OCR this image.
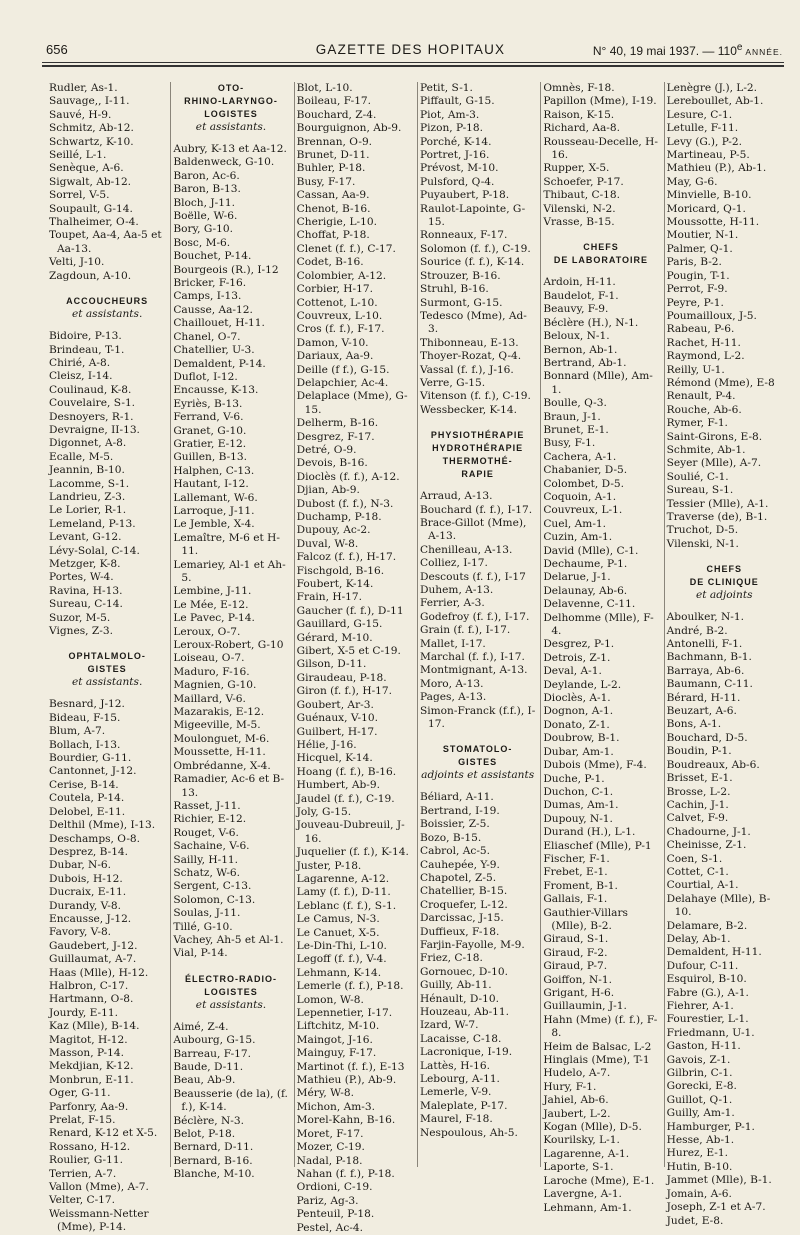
656	GAZETTE DES HOPITAUX	N° 40, 19 mai 1937. — 110e ANNÉE.
Rudler, As-1.
Sauvage,, I-11.
Sauvé, H-9.
Schmitz, Ab-12.
Schwartz, K-10.
Seillé, L-1.
Senèque, A-6.
Sigwalt, Ab-12.
Sorrel, V-5.
Soupault, G-14.
Thalheimer, O-4.
Toupet, Aa-4, Aa-5 et Aa-13.
Velti, J-10.
Zagdoun, A-10.
ACCOUCHEURS
et assistants.
Bidoire, P-13.
Brindeau, T-1.
Chirié, A-8.
Cleisz, I-14.
Coulinaud, K-8.
Couvelaire, S-1.
Desnoyers, R-1.
Devraigne, II-13.
Digonnet, A-8.
Ecalle, M-5.
Jeannin, B-10.
Lacomme, S-1.
Landrieu, Z-3.
Le Lorier, R-1.
Lemeland, P-13.
Levant, G-12.
Lévy-Solal, C-14.
Metzger, K-8.
Portes, W-4.
Ravina, H-13.
Sureau, C-14.
Suzor, M-5.
Vignes, Z-3.
OPHTALMOLO-
GISTES
et assistants.
Besnard, J-12.
Bideau, F-15.
Blum, A-7.
Bollach, I-13.
Bourdier, G-11.
Cantonnet, J-12.
Cerise, B-14.
Coutela, P-14.
Delobel, E-11.
Delthil (Mme), I-13.
Deschamps, O-8.
Desprez, B-14.
Dubar, N-6.
Dubois, H-12.
Ducraix, E-11.
Durandy, V-8.
Encausse, J-12.
Favory, V-8.
Gaudebert, J-12.
Guillaumat, A-7.
Haas (Mlle), H-12.
Halbron, C-17.
Hartmann, O-8.
Jourdy, E-11.
Kaz (Mlle), B-14.
Magitot, H-12.
Masson, P-14.
Mekdjian, K-12.
Monbrun, E-11.
Oger, G-11.
Parfonry, Aa-9.
Prelat, F-15.
Renard, K-12 et X-5.
Rossano, H-12.
Roulier, G-11.
Terrien, A-7.
Vallon (Mme), A-7.
Velter, C-17.
Weissmann-Netter (Mme), P-14.
OTO-
RHINO-LARYNGO-
LOGISTES
et assistants.
Aubry, K-13 et Aa-12.
Baldenweck, G-10.
Baron, Ac-6.
Baron, B-13.
Bloch, J-11.
Boëlle, W-6.
Bory, G-10.
Bosc, M-6.
Bouchet, P-14.
Bourgeois (R.), I-12
Bricker, F-16.
Camps, I-13.
Causse, Aa-12.
Chaillouet, H-11.
Chanel, O-7.
Chatellier, U-3.
Demaldent, P-14.
Duflot, I-12.
Encausse, K-13.
Eyriès, B-13.
Ferrand, V-6.
Granet, G-10.
Gratier, E-12.
Guillen, B-13.
Halphen, C-13.
Hautant, I-12.
Lallemant, W-6.
Larroque, J-11.
Le Jemble, X-4.
Lemaître, M-6 et H-11.
Lemariey, Al-1 et Ah-5.
Lembine, J-11.
Le Mée, E-12.
Le Pavec, P-14.
Leroux, O-7.
Leroux-Robert, G-10
Loiseau, O-7.
Maduro, F-16.
Magnien, G-10.
Maillard, V-6.
Mazarakis, E-12.
Migeeville, M-5.
Moulonguet, M-6.
Moussette, H-11.
Ombrédanne, X-4.
Ramadier, Ac-6 et B-13.
Rasset, J-11.
Richier, E-12.
Rouget, V-6.
Sachaine, V-6.
Sailly, H-11.
Schatz, W-6.
Sergent, C-13.
Solomon, C-13.
Soulas, J-11.
Tillé, G-10.
Vachey, Ah-5 et Al-1.
Vial, P-14.
ÉLECTRO-RADIO-
LOGISTES
et assistants.
Aimé, Z-4.
Aubourg, G-15.
Barreau, F-17.
Baude, D-11.
Beau, Ab-9.
Beausserie (de la), (f. f.), K-14.
Béclère, N-3.
Belot, P-18.
Bernard, D-11.
Bernard, B-16.
Blanche, M-10.
Blot, L-10.
Boileau, F-17.
Bouchard, Z-4.
Bourguignon, Ab-9.
Brennan, O-9.
Brunet, D-11.
Buhler, P-18.
Busy, F-17.
Cassan, Aa-9.
Chenot, B-16.
Cherigie, L-10.
Choffat, P-18.
Clenet (f. f.), C-17.
Codet, B-16.
Colombier, A-12.
Corbier, H-17.
Cottenot, L-10.
Couvreux, L-10.
Cros (f. f.), F-17.
Damon, V-10.
Dariaux, Aa-9.
Deille (f f.), G-15.
Delapchier, Ac-4.
Delaplace (Mme), G-15.
Delherm, B-16.
Desgrez, F-17.
Detré, O-9.
Devois, B-16.
Dioclès (f. f.), A-12.
Djian, Ab-9.
Dubost (f. f.), N-3.
Duchamp, P-18.
Dupouy, Ac-2.
Duval, W-8.
Falcoz (f. f.), H-17.
Fischgold, B-16.
Foubert, K-14.
Frain, H-17.
Gaucher (f. f.), D-11
Gauillard, G-15.
Gérard, M-10.
Gibert, X-5 et C-19.
Gilson, D-11.
Giraudeau, P-18.
Giron (f. f.), H-17.
Goubert, Ar-3.
Guénaux, V-10.
Guilbert, H-17.
Hélie, J-16.
Hicquel, K-14.
Hoang (f. f.), B-16.
Humbert, Ab-9.
Jaudel (f. f.), C-19.
Joly, G-15.
Jouveau-Dubreuil, J-16.
Juquelier (f. f.), K-14.
Juster, P-18.
Lagarenne, A-12.
Lamy (f. f.), D-11.
Leblanc (f. f.), S-1.
Le Camus, N-3.
Le Canuet, X-5.
Le-Din-Thi, L-10.
Legoff (f. f.), V-4.
Lehmann, K-14.
Lemerle (f. f.), P-18.
Lomon, W-8.
Lepennetier, I-17.
Liftchitz, M-10.
Maingot, J-16.
Mainguy, F-17.
Martinot (f. f.), E-13
Mathieu (P.), Ab-9.
Méry, W-8.
Michon, Am-3.
Morel-Kahn, B-16.
Moret, F-17.
Mozer, C-19.
Nadal, P-18.
Nahan (f. f.), P-18.
Ordioni, C-19.
Pariz, Ag-3.
Penteuil, P-18.
Pestel, Ac-4.
Petit, S-1.
Piffault, G-15.
Piot, Am-3.
Pizon, P-18.
Porché, K-14.
Portret, J-16.
Prévost, M-10.
Pulsford, Q-4.
Puyaubert, P-18.
Raulot-Lapointe, G-15.
Ronneaux, F-17.
Solomon (f. f.), C-19.
Sourice (f. f.), K-14.
Strouzer, B-16.
Struhl, B-16.
Surmont, G-15.
Tedesco (Mme), Ad-3.
Thibonneau, E-13.
Thoyer-Rozat, Q-4.
Vassal (f. f.), J-16.
Verre, G-15.
Vitenson (f. f.), C-19.
Wessbecker, K-14.
PHYSIOTHÉRAPIE
HYDROTHÉRAPIE
THERMOTHÉ-
RAPIE
Arraud, A-13.
Bouchard (f. f.), I-17.
Brace-Gillot (Mme), A-13.
Chenilleau, A-13.
Colliez, I-17.
Descouts (f. f.), I-17
Duhem, A-13.
Ferrier, A-3.
Godefroy (f. f.), I-17.
Grain (f. f.), I-17.
Mallet, I-17.
Marchal (f. f.), I-17.
Montmignant, A-13.
Moro, A-13.
Pages, A-13.
Simon-Franck (f.f.), I-17.
STOMATOLO-
GISTES
adjoints et assistants
Béliard, A-11.
Bertrand, I-19.
Boissier, Z-5.
Bozo, B-15.
Cabrol, Ac-5.
Cauhepée, Y-9.
Chapotel, Z-5.
Chatellier, B-15.
Croquefer, L-12.
Darcissac, J-15.
Duffieux, F-18.
Farjin-Fayolle, M-9.
Friez, C-18.
Gornouec, D-10.
Guilly, Ab-11.
Hénault, D-10.
Houzeau, Ab-11.
Izard, W-7.
Lacaisse, C-18.
Lacronique, I-19.
Lattès, H-16.
Lebourg, A-11.
Lemerle, V-9.
Maleplate, P-17.
Maurel, F-18.
Nespoulous, Ah-5.
Omnès, F-18.
Papillon (Mme), I-19.
Raison, K-15.
Richard, Aa-8.
Rousseau-Decelle, H-16.
Rupper, X-5.
Schoefer, P-17.
Thibaut, C-18.
Vilenski, N-2.
Vrasse, B-15.
CHEFS
DE LABORATOIRE
Ardoin, H-11.
Baudelot, F-1.
Beauvy, F-9.
Béclère (H.), N-1.
Beloux, N-1.
Bernon, Ab-1.
Bertrand, Ab-1.
Bonnard (Mlle), Am-1.
Boulle, Q-3.
Braun, J-1.
Brunet, E-1.
Busy, F-1.
Cachera, A-1.
Chabanier, D-5.
Colombet, D-5.
Coquoin, A-1.
Couvreux, L-1.
Cuel, Am-1.
Cuzin, Am-1.
David (Mlle), C-1.
Dechaume, P-1.
Delarue, J-1.
Delaunay, Ab-6.
Delavenne, C-11.
Delhomme (Mlle), F-4.
Desgrez, P-1.
Detrois, Z-1.
Deval, A-1.
Deylande, L-2.
Dioclès, A-1.
Dognon, A-1.
Donato, Z-1.
Doubrow, B-1.
Dubar, Am-1.
Dubois (Mme), F-4.
Duche, P-1.
Duchon, C-1.
Dumas, Am-1.
Dupouy, N-1.
Durand (H.), L-1.
Eliaschef (Mlle), P-1
Fischer, F-1.
Frebet, E-1.
Froment, B-1.
Gallais, F-1.
Gauthier-Villars (Mlle), B-2.
Giraud, S-1.
Giraud, F-2.
Giraud, P-7.
Goiffon, N-1.
Grigant, H-6.
Guillaumin, J-1.
Hahn (Mme) (f. f.), F-8.
Heim de Balsac, L-2
Hinglais (Mme), T-1
Hudelo, A-7.
Hury, F-1.
Jahiel, Ab-6.
Jaubert, L-2.
Kogan (Mlle), D-5.
Kourilsky, L-1.
Lagarenne, A-1.
Laporte, S-1.
Laroche (Mme), E-1.
Lavergne, A-1.
Lehmann, Am-1.
Lenègre (J.), L-2.
Lereboullet, Ab-1.
Lesure, C-1.
Letulle, F-11.
Levy (G.), P-2.
Martineau, P-5.
Mathieu (P.), Ab-1.
May, G-6.
Minvielle, B-10.
Moricard, Q-1.
Moussotte, H-11.
Moutier, N-1.
Palmer, Q-1.
Paris, B-2.
Pougin, T-1.
Perrot, F-9.
Peyre, P-1.
Poumailloux, J-5.
Rabeau, P-6.
Rachet, H-11.
Raymond, L-2.
Reilly, U-1.
Rémond (Mme), E-8
Renault, P-4.
Rouche, Ab-6.
Rymer, F-1.
Saint-Girons, E-8.
Schmite, Ab-1.
Seyer (Mlle), A-7.
Soulié, C-1.
Sureau, S-1.
Tessier (Mlle), A-1.
Traverse (de), B-1.
Truchot, D-5.
Vilenski, N-1.
CHEFS
DE CLINIQUE
et adjoints
Aboulker, N-1.
André, B-2.
Antonelli, F-1.
Bachmann, B-1.
Barraya, Ab-6.
Baumann, C-11.
Bérard, H-11.
Beuzart, A-6.
Bons, A-1.
Bouchard, D-5.
Boudin, P-1.
Boudreaux, Ab-6.
Brisset, E-1.
Brosse, L-2.
Cachin, J-1.
Calvet, F-9.
Chadourne, J-1.
Cheinisse, Z-1.
Coen, S-1.
Cottet, C-1.
Courtial, A-1.
Delahaye (Mlle), B-10.
Delamare, B-2.
Delay, Ab-1.
Demaldent, H-11.
Dufour, C-11.
Esquirol, B-10.
Fabre (G.), A-1.
Fiehrer, A-1.
Fourestier, L-1.
Friedmann, U-1.
Gaston, H-11.
Gavois, Z-1.
Gilbrin, C-1.
Gorecki, E-8.
Guillot, Q-1.
Guilly, Am-1.
Hamburger, P-1.
Hesse, Ab-1.
Hurez, E-1.
Hutin, B-10.
Jammet (Mlle), B-1.
Jomain, A-6.
Joseph, Z-1 et A-7.
Judet, E-8.
